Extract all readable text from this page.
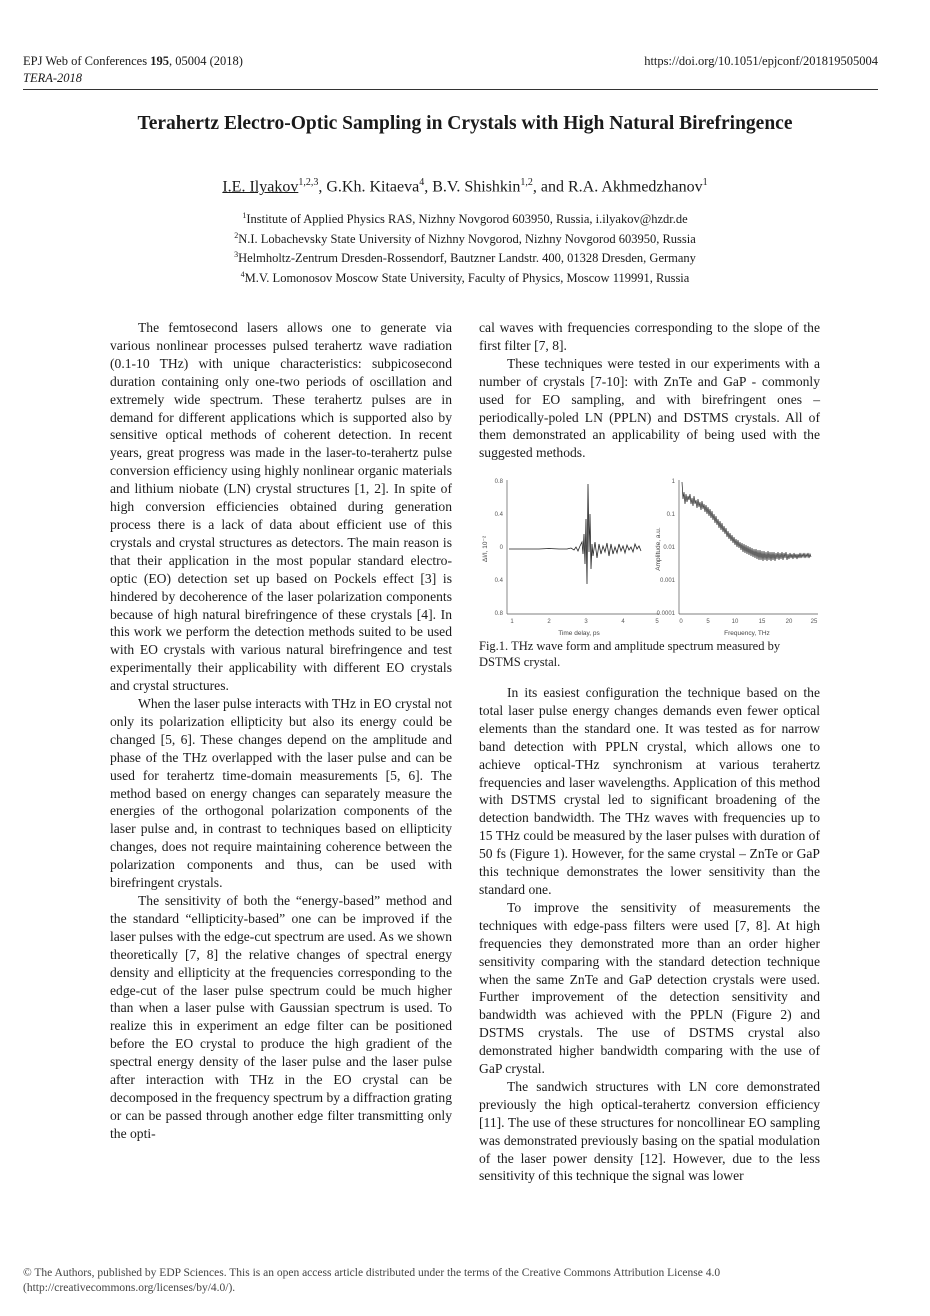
EPJ Web of Conferences 195, 05004 (2018)
TERA-2018
https://doi.org/10.1051/epjconf/201819505004
Terahertz Electro-Optic Sampling in Crystals with High Natural Birefringence
I.E. Ilyakov$^{1,2,3}$, G.Kh. Kitaeva$^4$, B.V. Shishkin$^{1,2}$, and R.A. Akhmedzhanov$^1$
$^1$Institute of Applied Physics RAS, Nizhny Novgorod 603950, Russia, i.ilyakov@hzdr.de
$^2$N.I. Lobachevsky State University of Nizhny Novgorod, Nizhny Novgorod 603950, Russia
$^3$Helmholtz-Zentrum Dresden-Rossendorf, Bautzner Landstr. 400, 01328 Dresden, Germany
$^4$M.V. Lomonosov Moscow State University, Faculty of Physics, Moscow 119991, Russia

The femtosecond lasers allows one to generate via various nonlinear processes pulsed terahertz wave radiation (0.1-10 THz) with unique characteristics: subpicosecond duration containing only one-two periods of oscillation and extremely wide spectrum. These terahertz pulses are in demand for different applications which is supported also by sensitive optical methods of coherent detection. In recent years, great progress was made in the laser-to-terahertz pulse conversion efficiency using highly nonlinear organic materials and lithium niobate (LN) crystal structures [1, 2]. In spite of high conversion efficiencies obtained during generation process there is a lack of data about efficient use of this crystals and crystal structures as detectors. The main reason is that their application in the most popular standard electro-optic (EO) detection set up based on Pockels effect [3] is hindered by decoherence of the laser polarization components because of high natural birefringence of these crystals [4]. In this work we perform the detection methods suited to be used with EO crystals with various natural birefringence and test experimentally their applicability with different EO crystals and crystal structures.

When the laser pulse interacts with THz in EO crystal not only its polarization ellipticity but also its energy could be changed [5, 6]. These changes depend on the amplitude and phase of the THz overlapped with the laser pulse and can be used for terahertz time-domain measurements [5, 6]. The method based on energy changes can separately measure the energies of the orthogonal polarization components of the laser pulse and, in contrast to techniques based on ellipticity changes, does not require maintaining coherence between the polarization components and thus, can be used with birefringent crystals.

The sensitivity of both the “energy-based” method and the standard “ellipticity-based” one can be improved if the laser pulses with the edge-cut spectrum are used. As we shown theoretically [7, 8] the relative changes of spectral energy density and ellipticity at the frequencies corresponding to the edge-cut of the laser pulse spectrum could be much higher than when a laser pulse with Gaussian spectrum is used. To realize this in experiment an edge filter can be positioned before the EO crystal to produce the high gradient of the spectral energy density of the laser pulse and the laser pulse after interaction with THz in the EO crystal can be decomposed in the frequency spectrum by a diffraction grating or can be passed through another edge filter transmitting only the opti-

cal waves with frequencies corresponding to the slope of the first filter [7, 8].

These techniques were tested in our experiments with a number of crystals [7-10]: with ZnTe and GaP - commonly used for EO sampling, and with birefringent ones – periodically-poled LN (PPLN) and DSTMS crystals. All of them demonstrated an applicability of being used with the suggested methods.

0.8
0.4
0
0.4
0.8
1	2	3	4	5
Time delay, ps
ΔI/I, 10⁻²
1
0.1
0.01
0.001
0.0001
0	5	10	15	20	25
Frequency, THz
Amplitude, a.u.
Fig.1. THz wave form and amplitude spectrum measured by DSTMS crystal.

In its easiest configuration the technique based on the total laser pulse energy changes demands even fewer optical elements than the standard one. It was tested as for narrow band detection with PPLN crystal, which allows one to achieve optical-THz synchronism at various terahertz frequencies and laser wavelengths. Application of this method with DSTMS crystal led to significant broadening of the detection bandwidth. The THz waves with frequencies up to 15 THz could be measured by the laser pulses with duration of 50 fs (Figure 1). However, for the same crystal – ZnTe or GaP this technique demonstrates the lower sensitivity than the standard one.

To improve the sensitivity of measurements the techniques with edge-pass filters were used [7, 8]. At high frequencies they demonstrated more than an order higher sensitivity comparing with the standard detection technique when the same ZnTe and GaP detection crystals were used. Further improvement of the detection sensitivity and bandwidth was achieved with the PPLN (Figure 2) and DSTMS crystals. The use of DSTMS crystal also demonstrated higher bandwidth comparing with the use of GaP crystal.

The sandwich structures with LN core demonstrated previously the high optical-terahertz conversion efficiency [11]. The use of these structures for noncollinear EO sampling was demonstrated previously basing on the spatial modulation of the laser power density [12]. However, due to the less sensitivity of this technique the signal was lower

© The Authors, published by EDP Sciences. This is an open access article distributed under the terms of the Creative Commons Attribution License 4.0
(http://creativecommons.org/licenses/by/4.0/).
